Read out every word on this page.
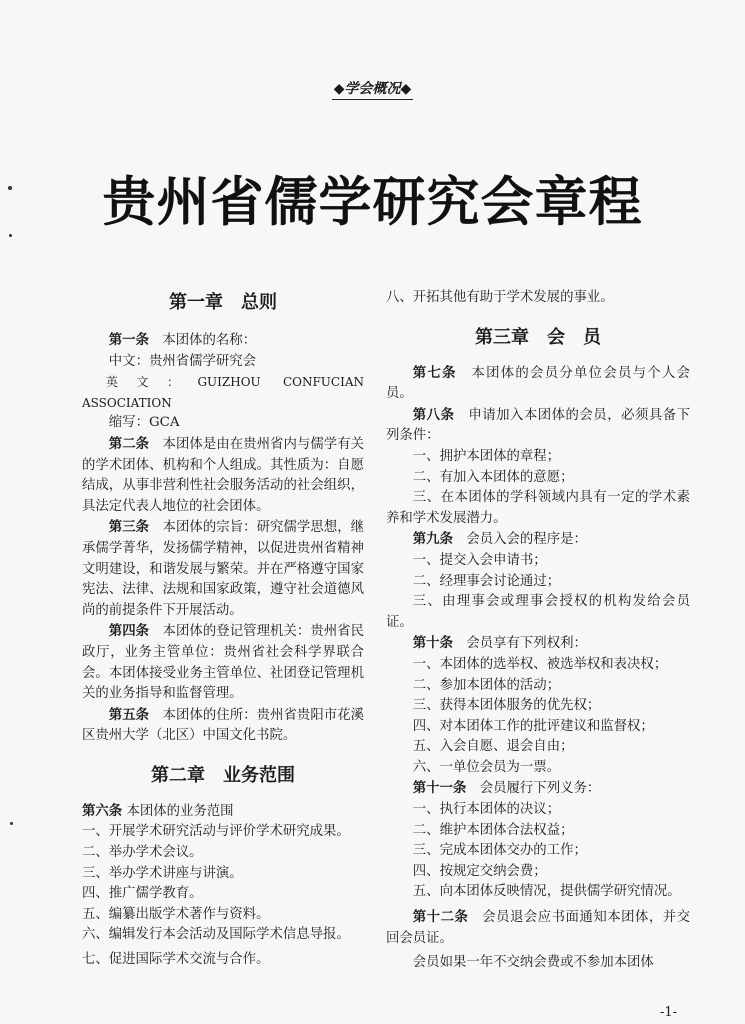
◆学会概况◆
贵州省儒学研究会章程
第一章　总则

第一条　 本团体的名称：

中文：贵州省儒学研究会

英文：GUIZHOU CONFUCIAN ASSOCIATION

缩写：GCA

第二条　 本团体是由在贵州省内与儒学有关的学术团体、机构和个人组成。其性质为：自愿结成，从事非营利性社会服务活动的社会组织，具法定代表人地位的社会团体。

第三条　 本团体的宗旨：研究儒学思想，继承儒学菁华，发扬儒学精神，以促进贵州省精神文明建设，和谐发展与繁荣。并在严格遵守国家宪法、法律、法规和国家政策，遵守社会道德风尚的前提条件下开展活动。

第四条　 本团体的登记管理机关：贵州省民政厅，业务主管单位：贵州省社会科学界联合会。本团体接受业务主管单位、社团登记管理机关的业务指导和监督管理。

第五条　 本团体的住所：贵州省贵阳市花溪区贵州大学（北区）中国文化书院。

第二章　业务范围

第六条 本团体的业务范围

一、开展学术研究活动与评价学术研究成果。

二、举办学术会议。

三、举办学术讲座与讲演。

四、推广儒学教育。

五、编纂出版学术著作与资料。

六、编辑发行本会活动及国际学术信息导报。

七、促进国际学术交流与合作。

八、开拓其他有助于学术发展的事业。

第三章　会　员

第七条　 本团体的会员分单位会员与个人会员。

第八条　 申请加入本团体的会员，必须具备下列条件：

一、拥护本团体的章程；

二、有加入本团体的意愿；

三、在本团体的学科领域内具有一定的学术素养和学术发展潜力。

第九条　 会员入会的程序是：

一、提交入会申请书；

二、经理事会讨论通过；

三、由理事会或理事会授权的机构发给会员证。

第十条　 会员享有下列权利：

一、本团体的选举权、被选举权和表决权；

二、参加本团体的活动；

三、获得本团体服务的优先权；

四、对本团体工作的批评建议和监督权；

五、入会自愿、退会自由；

六、一单位会员为一票。

第十一条　 会员履行下列义务：

一、执行本团体的决议；

二、维护本团体合法权益；

三、完成本团体交办的工作；

四、按规定交纳会费；

五、向本团体反映情况，提供儒学研究情况。

第十二条　 会员退会应书面通知本团体，并交回会员证。

会员如果一年不交纳会费或不参加本团体

-1-
